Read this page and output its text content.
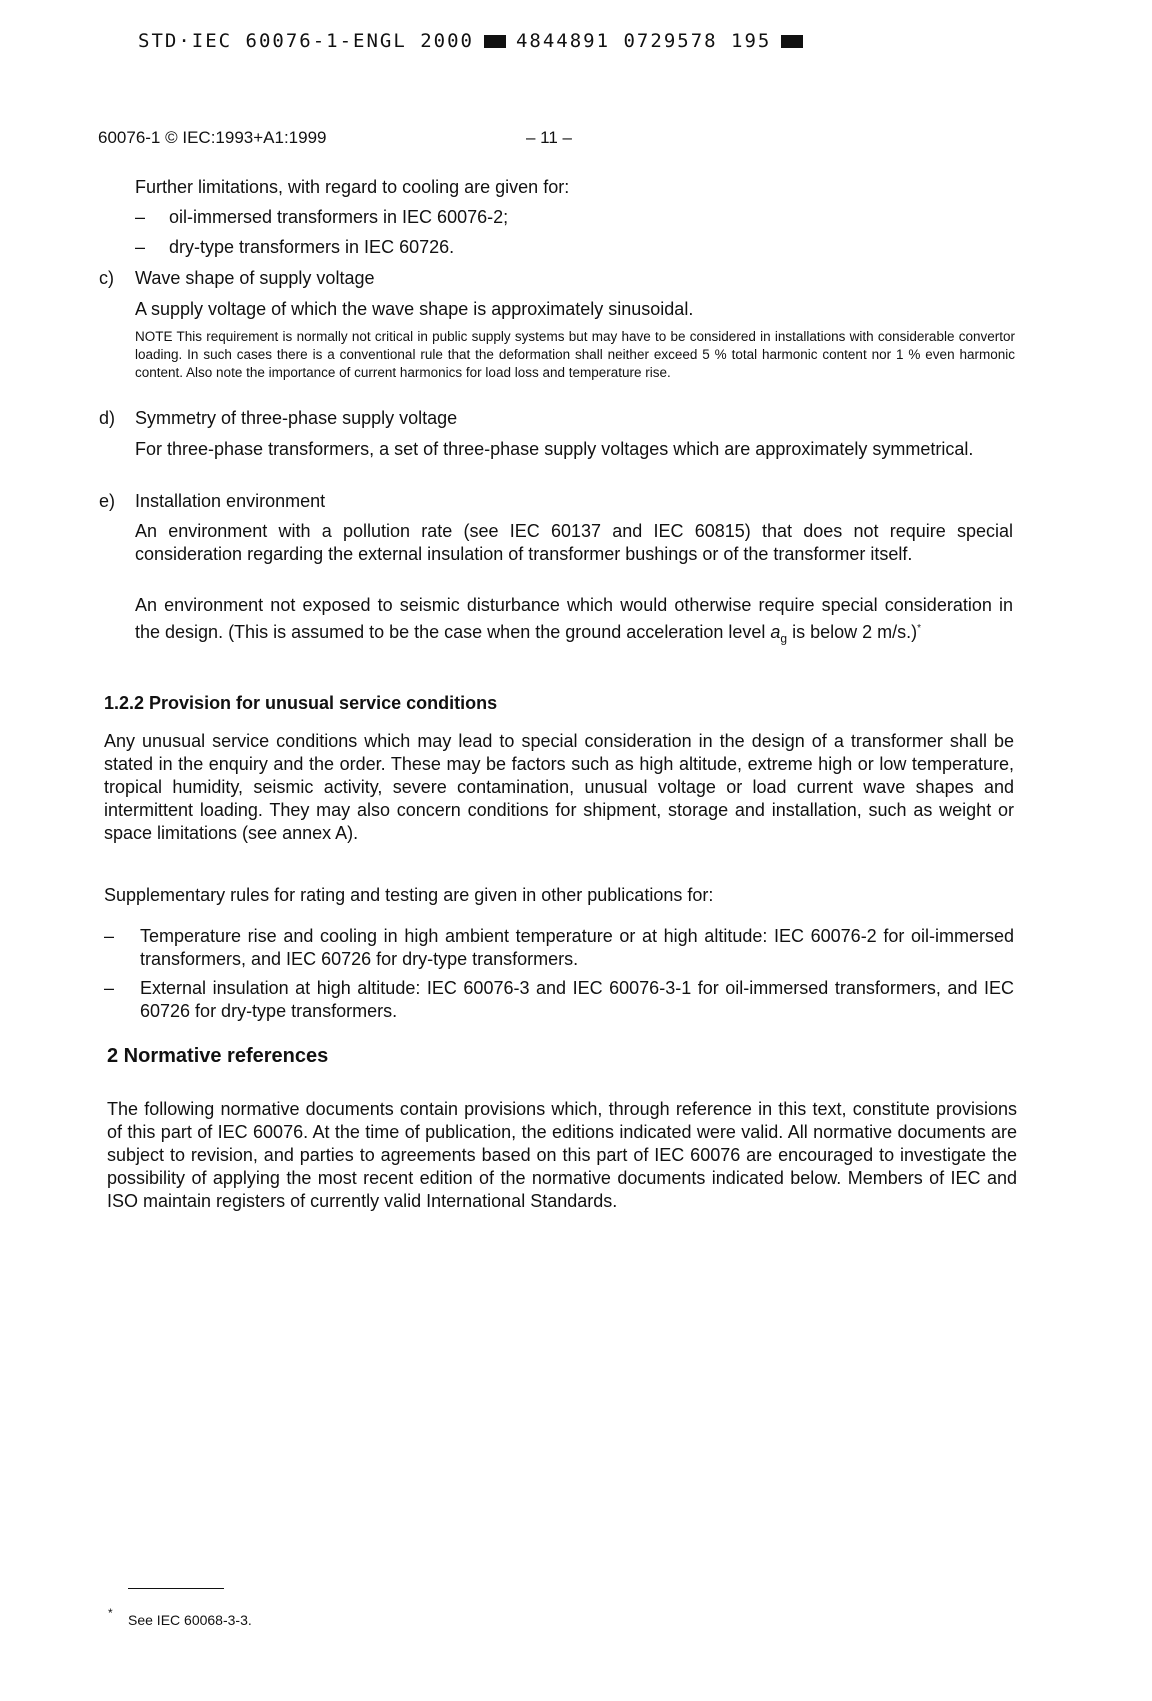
STD·IEC 60076-1-ENGL 2000 4844891 0729578 195
60076-1 © IEC:1993+A1:1999	– 11 –
Further limitations, with regard to cooling are given for:
– oil-immersed transformers in IEC 60076-2;
– dry-type transformers in IEC 60726.
c) Wave shape of supply voltage
A supply voltage of which the wave shape is approximately sinusoidal.
NOTE This requirement is normally not critical in public supply systems but may have to be considered in installations with considerable convertor loading. In such cases there is a conventional rule that the deformation shall neither exceed 5 % total harmonic content nor 1 % even harmonic content. Also note the importance of current harmonics for load loss and temperature rise.
d) Symmetry of three-phase supply voltage
For three-phase transformers, a set of three-phase supply voltages which are approximately symmetrical.
e) Installation environment
An environment with a pollution rate (see IEC 60137 and IEC 60815) that does not require special consideration regarding the external insulation of transformer bushings or of the transformer itself.
An environment not exposed to seismic disturbance which would otherwise require special consideration in the design. (This is assumed to be the case when the ground acceleration level $a_g$ is below 2 m/s.)*
1.2.2 Provision for unusual service conditions
Any unusual service conditions which may lead to special consideration in the design of a transformer shall be stated in the enquiry and the order. These may be factors such as high altitude, extreme high or low temperature, tropical humidity, seismic activity, severe contamination, unusual voltage or load current wave shapes and intermittent loading. They may also concern conditions for shipment, storage and installation, such as weight or space limitations (see annex A).
Supplementary rules for rating and testing are given in other publications for:
– Temperature rise and cooling in high ambient temperature or at high altitude: IEC 60076-2 for oil-immersed transformers, and IEC 60726 for dry-type transformers.
– External insulation at high altitude: IEC 60076-3 and IEC 60076-3-1 for oil-immersed transformers, and IEC 60726 for dry-type transformers.
2 Normative references
The following normative documents contain provisions which, through reference in this text, constitute provisions of this part of IEC 60076. At the time of publication, the editions indicated were valid. All normative documents are subject to revision, and parties to agreements based on this part of IEC 60076 are encouraged to investigate the possibility of applying the most recent edition of the normative documents indicated below. Members of IEC and ISO maintain registers of currently valid International Standards.
* See IEC 60068-3-3.
